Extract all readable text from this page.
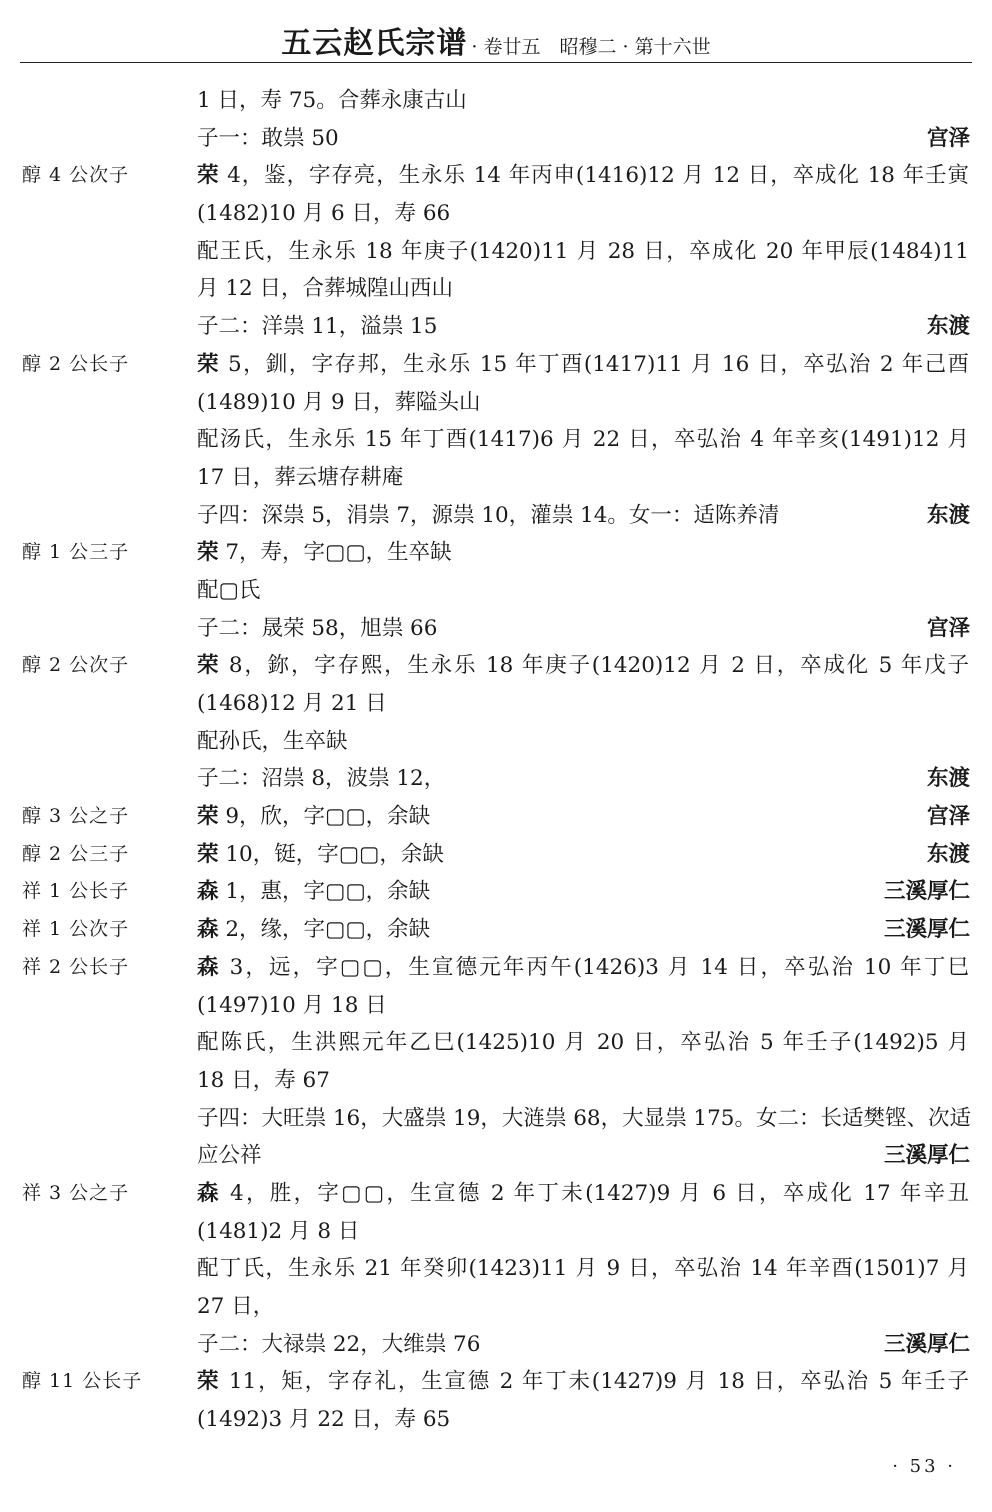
五云赵氏宗谱 · 卷廿五　昭穆二 · 第十六世
1 日，寿 75。合葬永康古山
子一：敢祟 50	宫泽
醇 4 公次子	荣 4，鉴，字存亮，生永乐 14 年丙申(1416)12 月 12 日，卒成化 18 年壬寅
(1482)10 月 6 日，寿 66
配王氏，生永乐 18 年庚子(1420)11 月 28 日，卒成化 20 年甲辰(1484)11
月 12 日，合葬城隍山西山
子二：洋祟 11，溢祟 15	东渡
醇 2 公长子	荣 5，釧，字存邦，生永乐 15 年丁酉(1417)11 月 16 日，卒弘治 2 年己酉
(1489)10 月 9 日，葬隘头山
配汤氏，生永乐 15 年丁酉(1417)6 月 22 日，卒弘治 4 年辛亥(1491)12 月
17 日，葬云塘存耕庵
子四：深祟 5，涓祟 7，源祟 10，灌祟 14。女一：适陈养清	东渡
醇 1 公三子	荣 7，寿，字▢▢，生卒缺
配▢氏
子二：晟荣 58，旭祟 66	宫泽
醇 2 公次子	荣 8，鉨，字存熙，生永乐 18 年庚子(1420)12 月 2 日，卒成化 5 年戊子
(1468)12 月 21 日
配孙氏，生卒缺
子二：沼祟 8，波祟 12，	东渡
醇 3 公之子	荣 9，欣，字▢▢，余缺	宫泽
醇 2 公三子	荣 10，铤，字▢▢，余缺	东渡
祥 1 公长子	森 1，惠，字▢▢，余缺	三溪厚仁
祥 1 公次子	森 2，缘，字▢▢，余缺	三溪厚仁
祥 2 公长子	森 3，远，字▢▢，生宣德元年丙午(1426)3 月 14 日，卒弘治 10 年丁巳
(1497)10 月 18 日
配陈氏，生洪熙元年乙巳(1425)10 月 20 日，卒弘治 5 年壬子(1492)5 月
18 日，寿 67
子四：大旺祟 16，大盛祟 19，大涟祟 68，大显祟 175。女二：长适樊铿、次适
应公祥	三溪厚仁
祥 3 公之子	森 4，胜，字▢▢，生宣德 2 年丁未(1427)9 月 6 日，卒成化 17 年辛丑
(1481)2 月 8 日
配丁氏，生永乐 21 年癸卯(1423)11 月 9 日，卒弘治 14 年辛酉(1501)7 月
27 日，
子二：大禄祟 22，大维祟 76	三溪厚仁
醇 11 公长子	荣 11，矩，字存礼，生宣德 2 年丁未(1427)9 月 18 日，卒弘治 5 年壬子
(1492)3 月 22 日，寿 65
· 53 ·
